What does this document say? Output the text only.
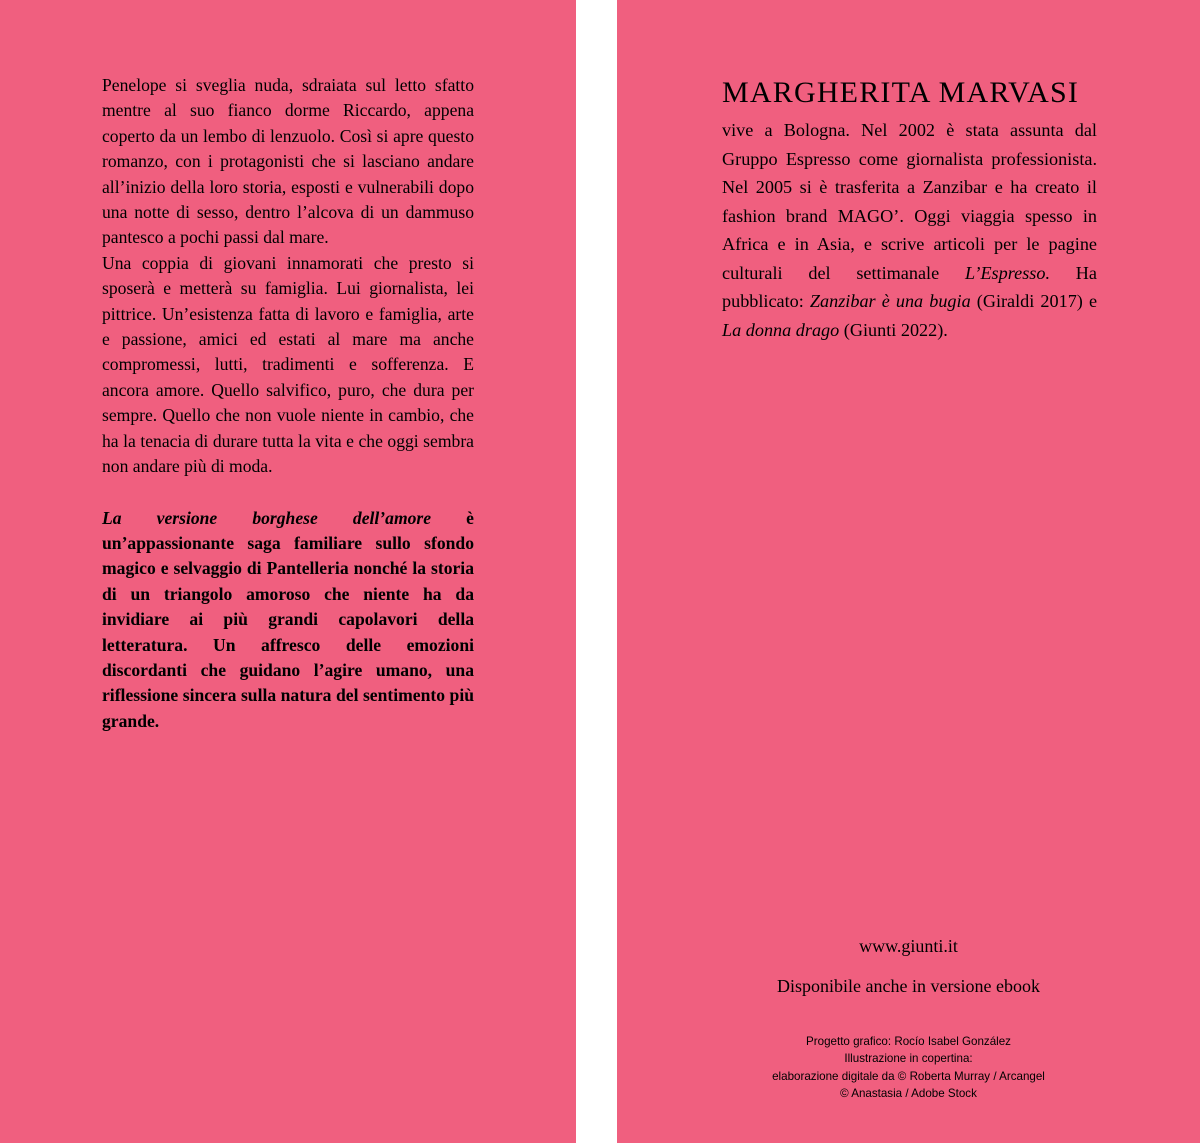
Penelope si sveglia nuda, sdraiata sul letto sfatto mentre al suo fianco dorme Riccardo, appena coperto da un lembo di lenzuolo. Così si apre questo romanzo, con i protagonisti che si lasciano andare all’inizio della loro storia, esposti e vulnerabili dopo una notte di sesso, dentro l’alcova di un dammuso pantesco a pochi passi dal mare.

Una coppia di giovani innamorati che presto si sposerà e metterà su famiglia. Lui giornalista, lei pittrice. Un’esistenza fatta di lavoro e famiglia, arte e passione, amici ed estati al mare ma anche compromessi, lutti, tradimenti e sofferenza. E ancora amore. Quello salvifico, puro, che dura per sempre. Quello che non vuole niente in cambio, che ha la tenacia di durare tutta la vita e che oggi sembra non andare più di moda.

La versione borghese dell’amore è un’appassionante saga familiare sullo sfondo magico e selvaggio di Pantelleria nonché la storia di un triangolo amoroso che niente ha da invidiare ai più grandi capolavori della letteratura. Un affresco delle emozioni discordanti che guidano l’agire umano, una riflessione sincera sulla natura del sentimento più grande.

MARGHERITA MARVASI
vive a Bologna. Nel 2002 è stata assunta dal Gruppo Espresso come giornalista professionista. Nel 2005 si è trasferita a Zanzibar e ha creato il fashion brand MAGO’. Oggi viaggia spesso in Africa e in Asia, e scrive articoli per le pagine culturali del settimanale L’Espresso. Ha pubblicato: Zanzibar è una bugia (Giraldi 2017) e La donna drago (Giunti 2022).
www.giunti.it
Disponibile anche in versione ebook
Progetto grafico: Rocío Isabel González
Illustrazione in copertina:
elaborazione digitale da © Roberta Murray / Arcangel
© Anastasia / Adobe Stock
